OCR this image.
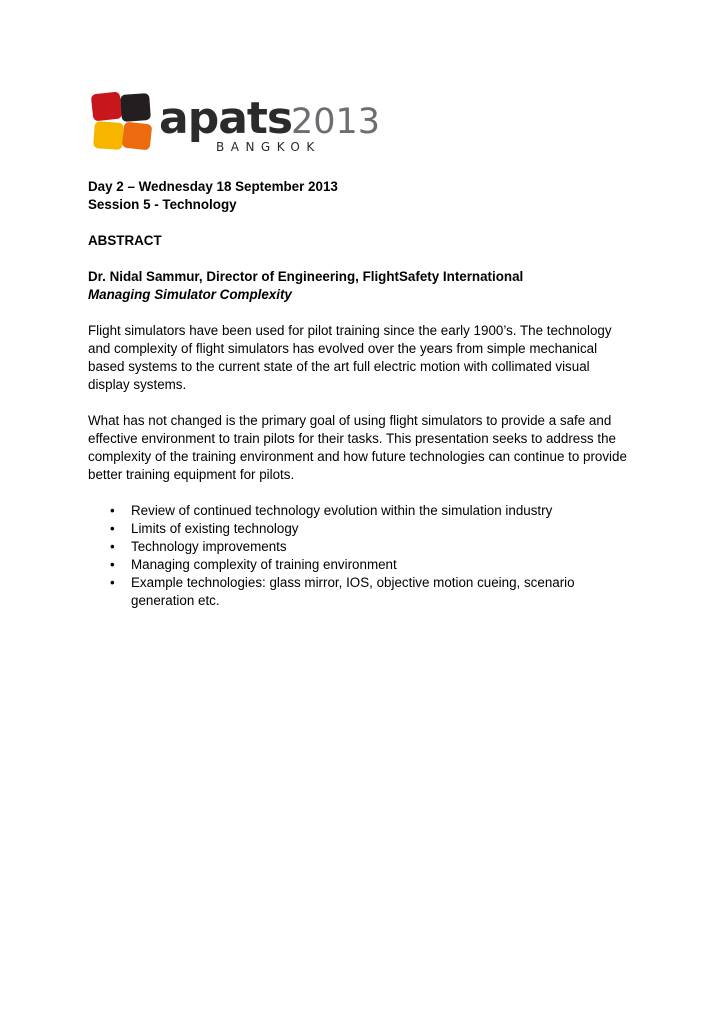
apats
2013
BANGKOK

Day 2 – Wednesday 18 September 2013

Session 5 - Technology

ABSTRACT

Dr. Nidal Sammur, Director of Engineering, FlightSafety International

Managing Simulator Complexity

Flight simulators have been used for pilot training since the early 1900’s. The technology and complexity of flight simulators has evolved over the years from simple mechanical based systems to the current state of the art full electric motion with collimated visual display systems.

What has not changed is the primary goal of using flight simulators to provide a safe and effective environment to train pilots for their tasks. This presentation seeks to address the complexity of the training environment and how future technologies can continue to provide better training equipment for pilots.

• Review of continued technology evolution within the simulation industry
• Limits of existing technology
• Technology improvements
• Managing complexity of training environment
• Example technologies: glass mirror, IOS, objective motion cueing, scenario generation etc.
